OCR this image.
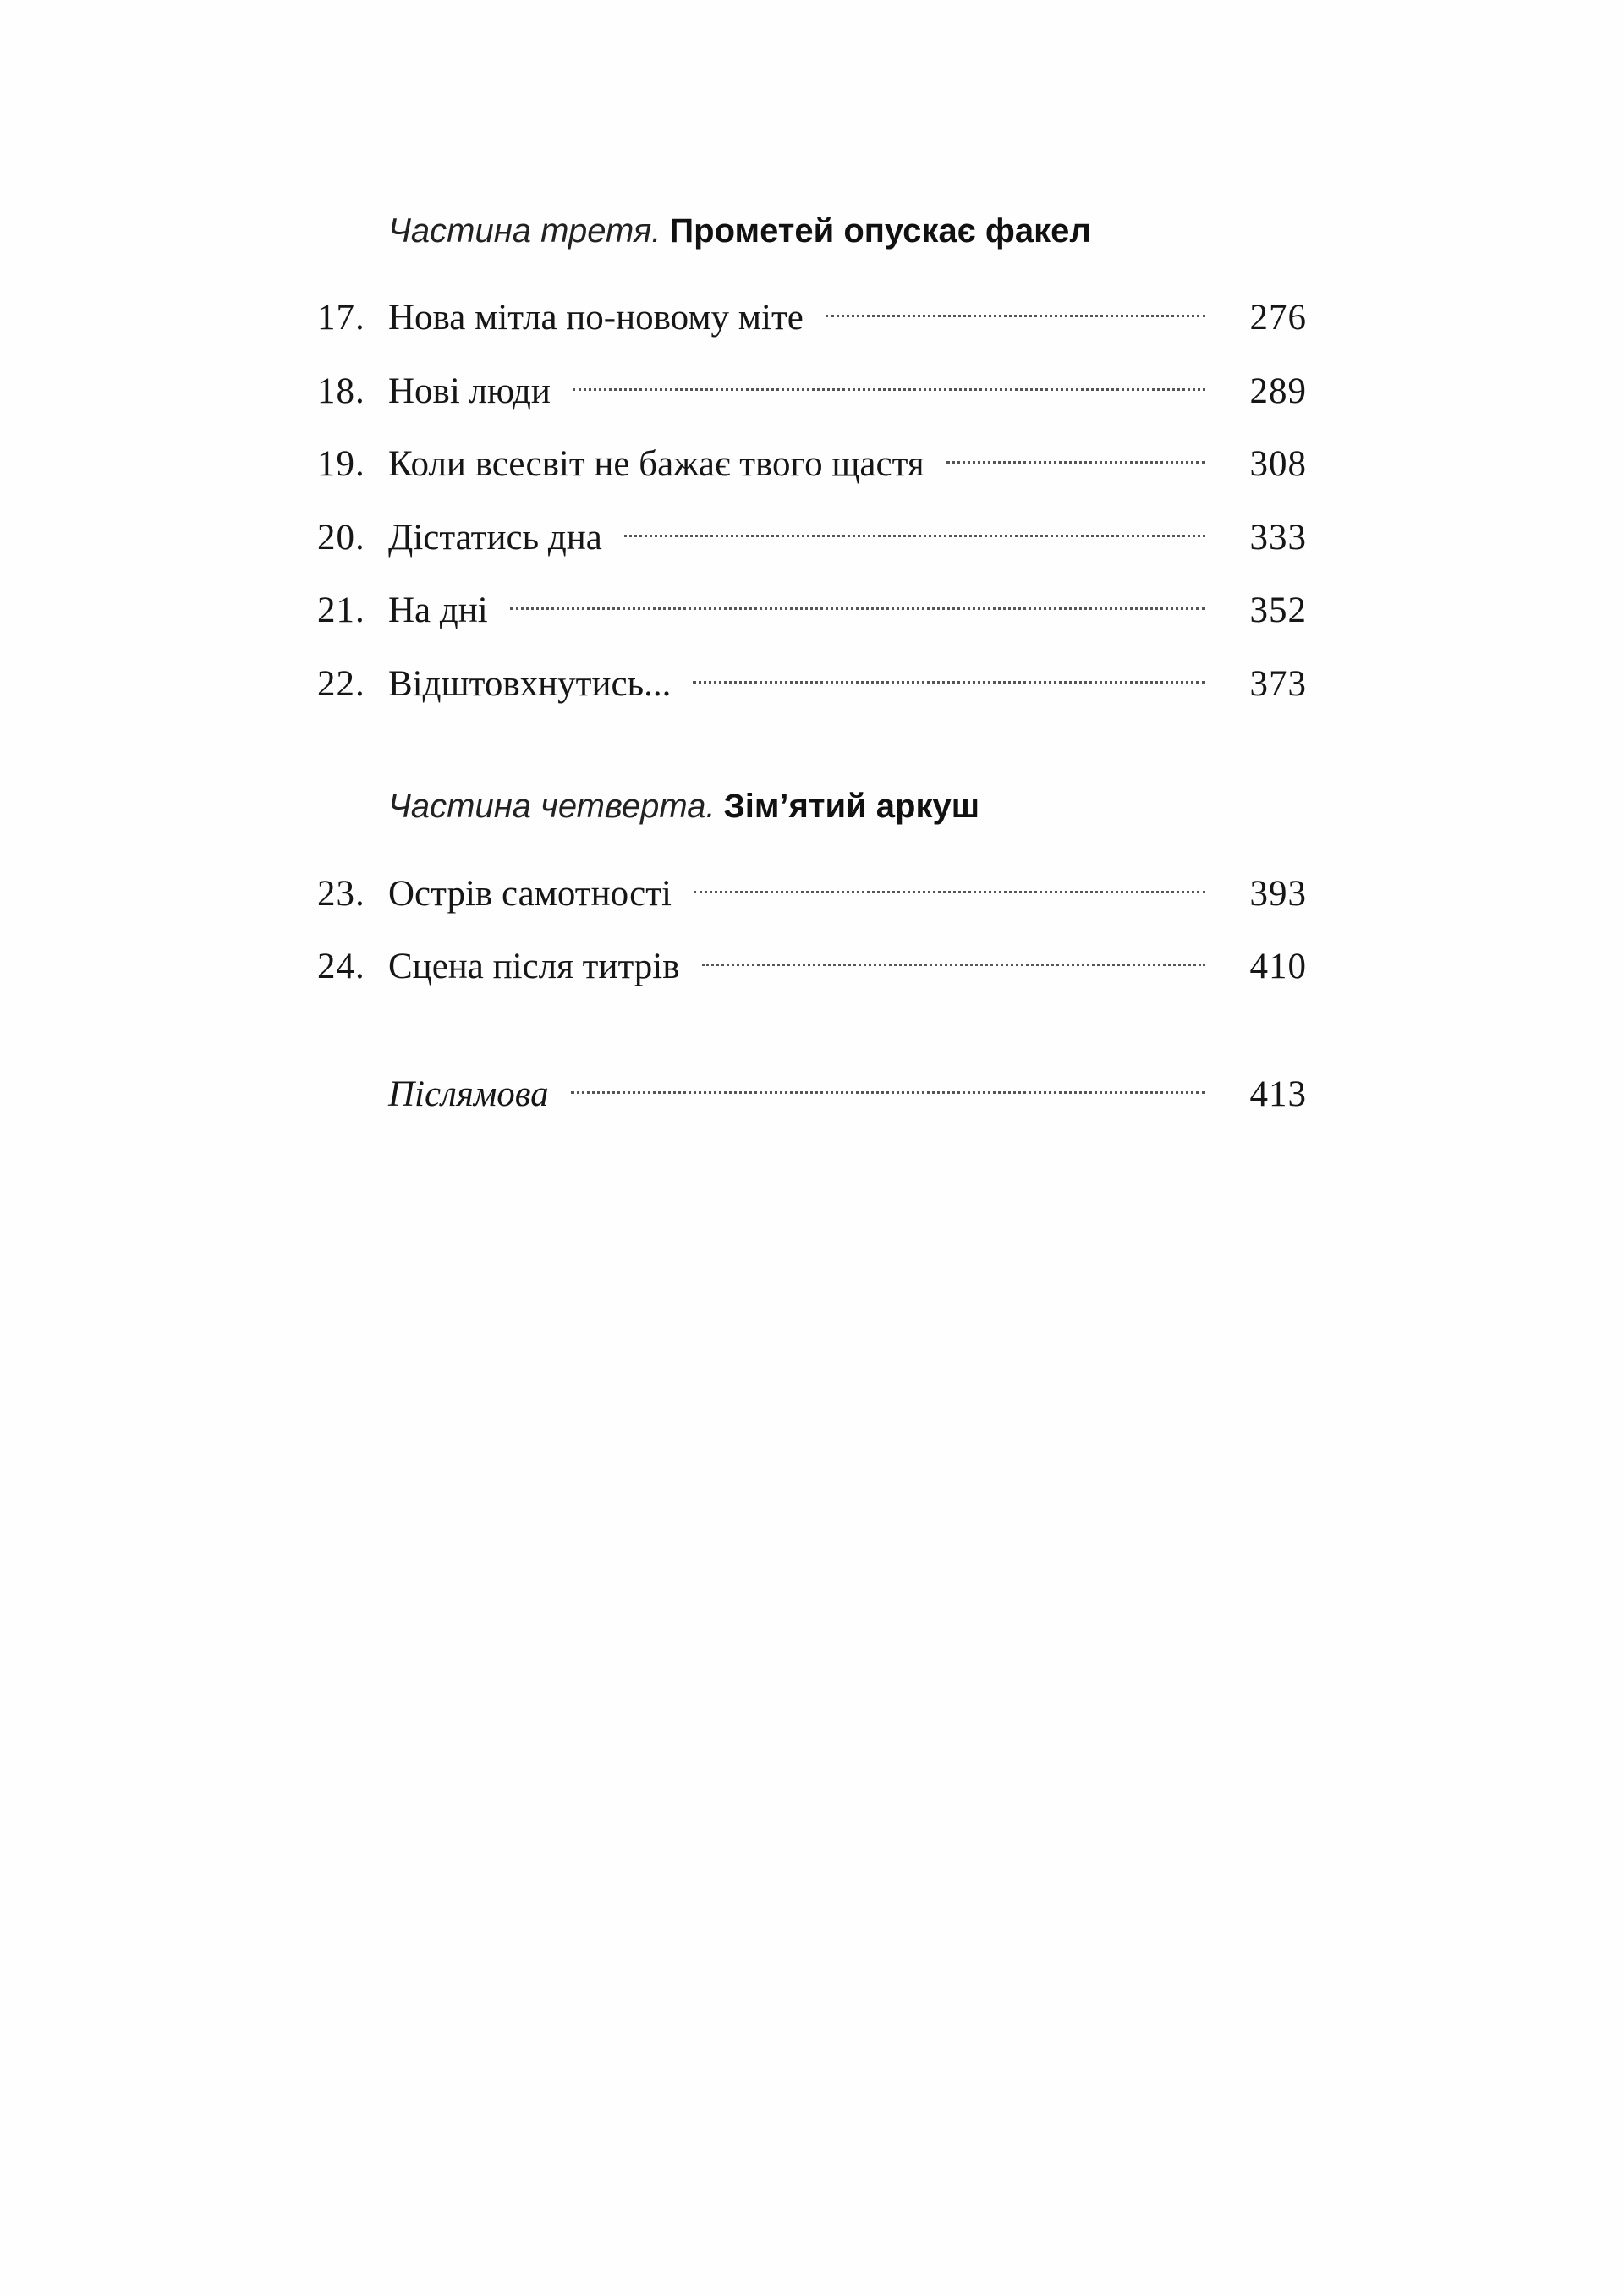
Частина третя. Прометей опускає факел
17. Нова мітла по-новому міте	276
18. Нові люди	289
19. Коли всесвіт не бажає твого щастя	308
20. Дістатись дна	333
21. На дні	352
22. Відштовхнутись...	373
Частина четверта. Зім’ятий аркуш
23. Острів самотності	393
24. Сцена після титрів	410
Післямова	413
